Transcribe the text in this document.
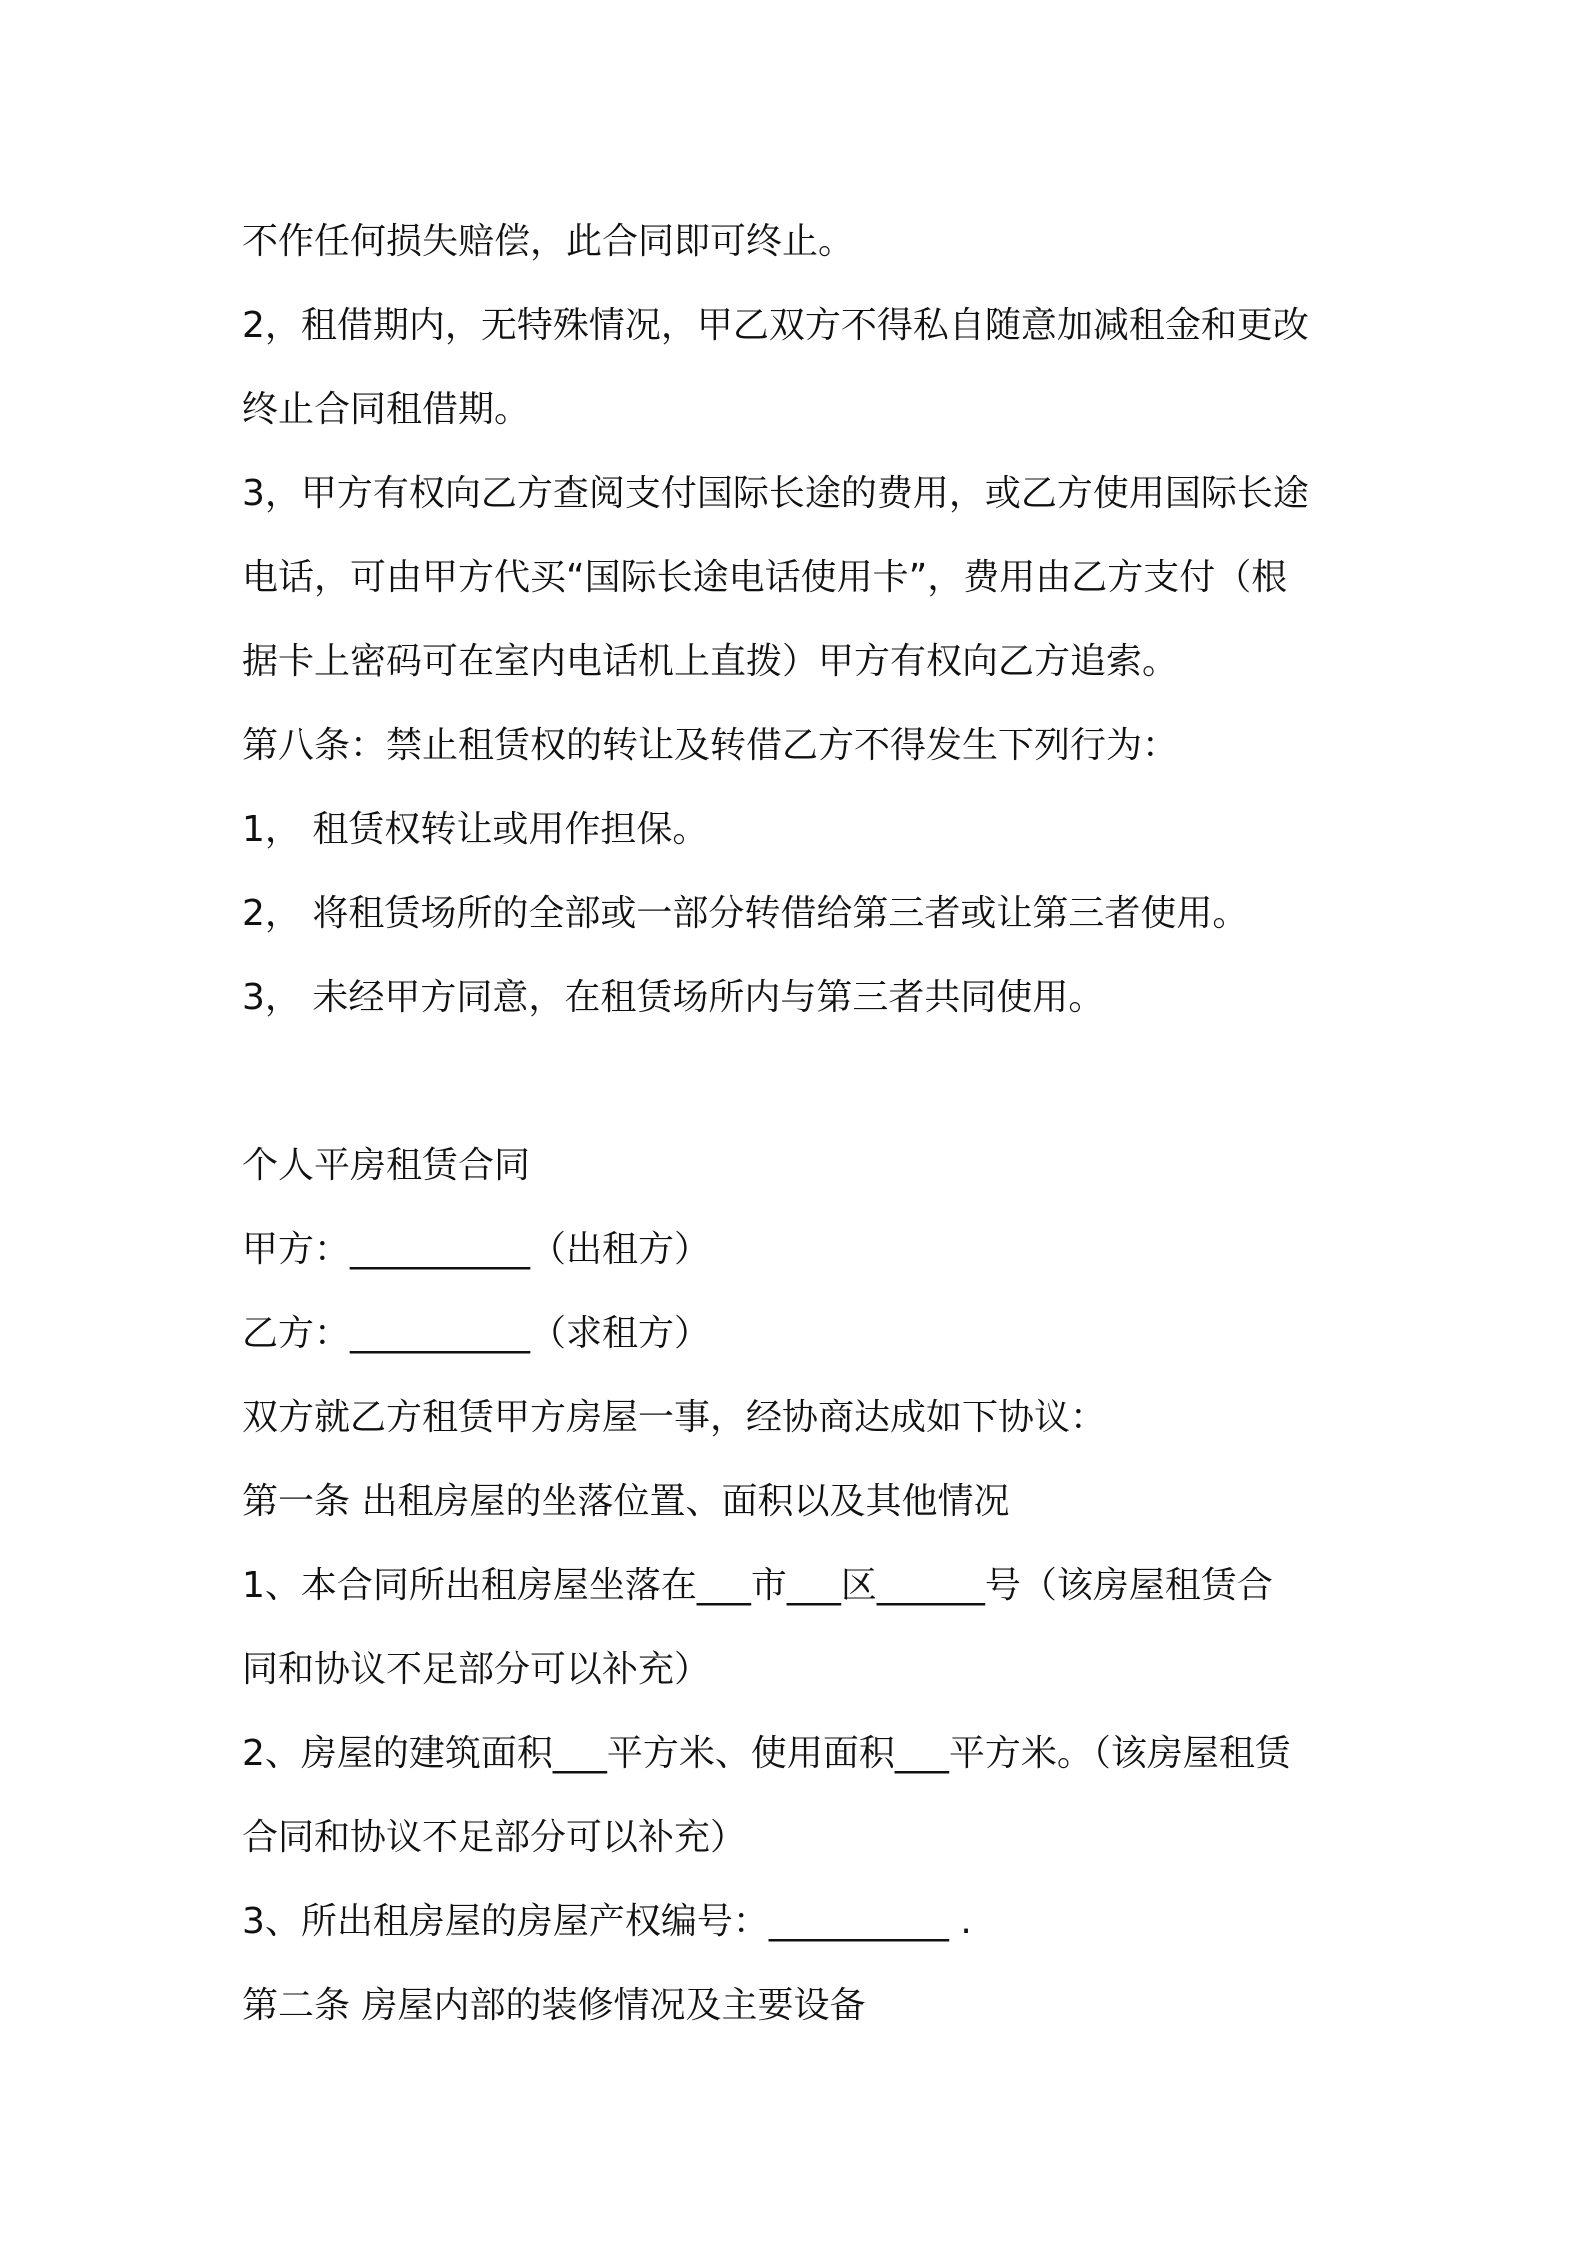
不作任何损失赔偿，此合同即可终止。
2，租借期内，无特殊情况，甲乙双方不得私自随意加减租金和更改
终止合同租借期。
3，甲方有权向乙方查阅支付国际长途的费用，或乙方使用国际长途
电话，可由甲方代买“国际长途电话使用卡”，费用由乙方支付（根
据卡上密码可在室内电话机上直拨）甲方有权向乙方追索。
第八条：禁止租赁权的转让及转借乙方不得发生下列行为：
1， 租赁权转让或用作担保。
2， 将租赁场所的全部或一部分转借给第三者或让第三者使用。
3， 未经甲方同意，在租赁场所内与第三者共同使用。
个人平房租赁合同
甲方：__________（出租方）
乙方：__________（求租方）
双方就乙方租赁甲方房屋一事，经协商达成如下协议：
第一条 出租房屋的坐落位置、面积以及其他情况
1、本合同所出租房屋坐落在___市___区______号（该房屋租赁合
同和协议不足部分可以补充）
2、房屋的建筑面积___平方米、使用面积___平方米。（该房屋租赁
合同和协议不足部分可以补充）
3、所出租房屋的房屋产权编号：__________ .
第二条 房屋内部的装修情况及主要设备
